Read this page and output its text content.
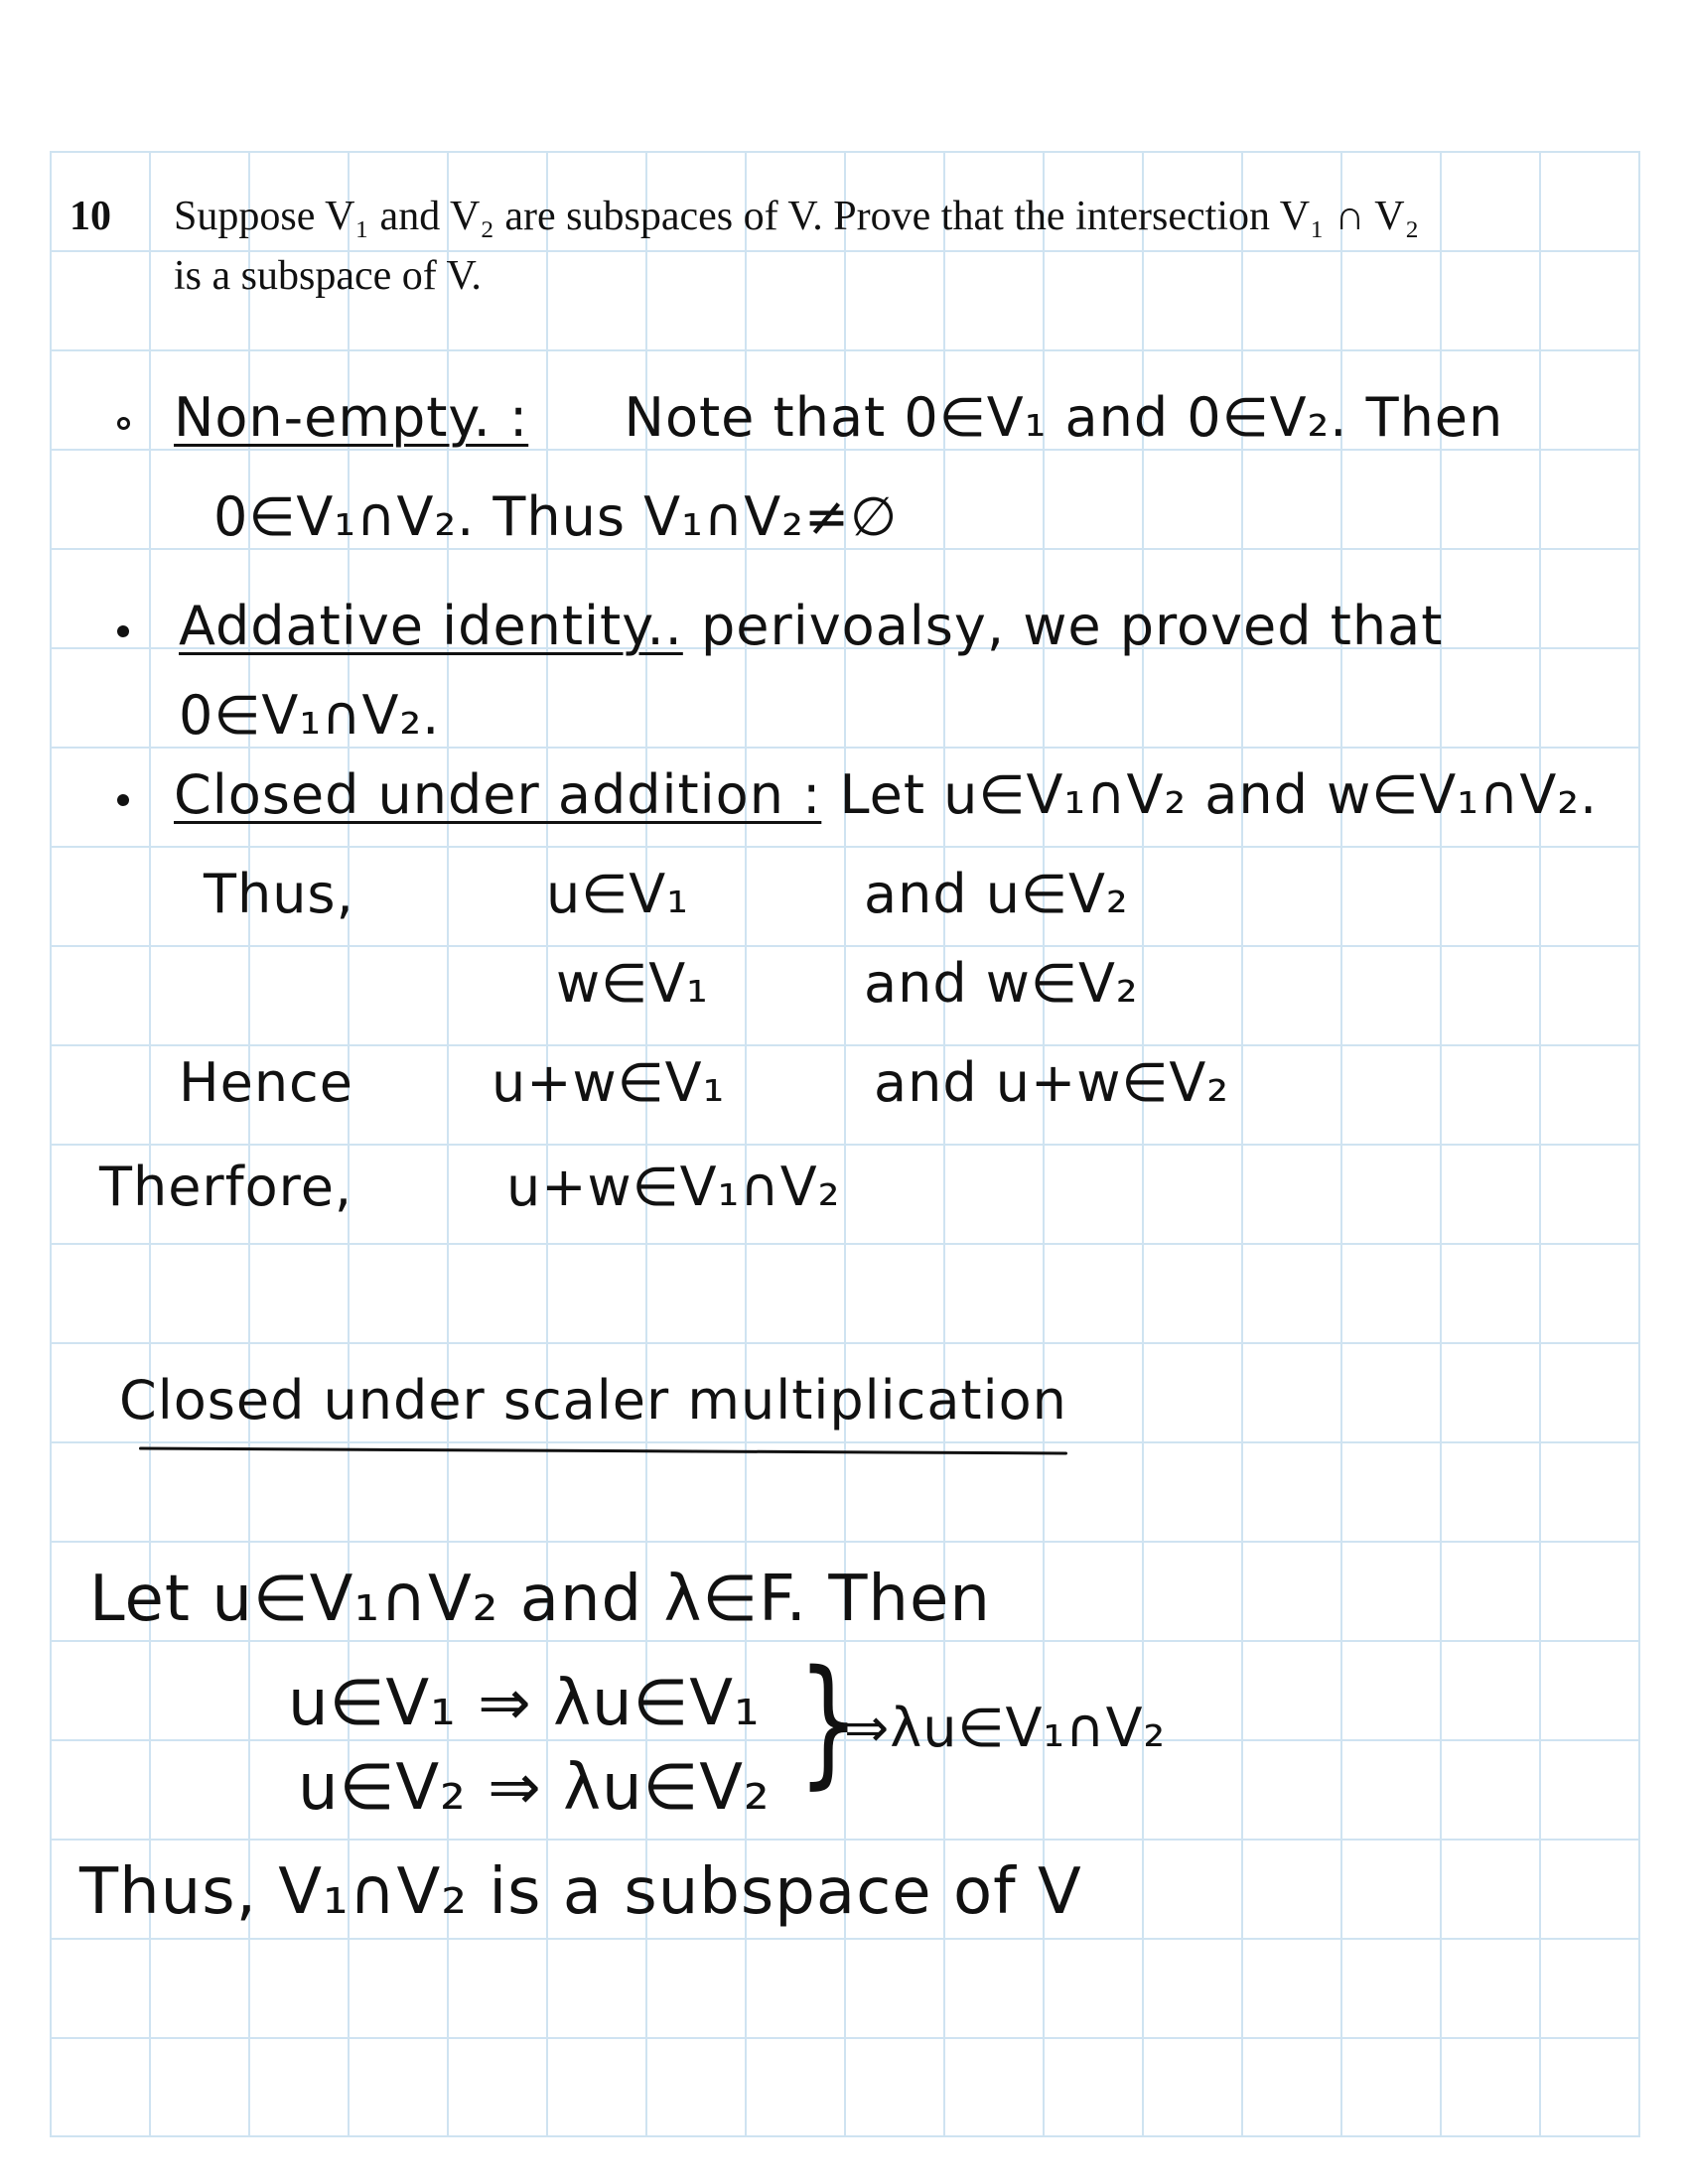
10 Suppose V₁ and V₂ are subspaces of V. Prove that the intersection V₁ ∩ V₂
is a subspace of V.
Non-empty. : Note that 0∈V₁ and 0∈V₂. Then
0∈V₁∩V₂. Thus V₁∩V₂≠∅
Addative identity.. perivoalsy, we proved that
0∈V₁∩V₂.
Closed under addition : Let u∈V₁∩V₂ and w∈V₁∩V₂.
Thus,	u∈V₁	and u∈V₂
w∈V₁	and w∈V₂
Hence	u+w∈V₁	and u+w∈V₂
Therfore,	u+w∈V₁∩V₂
Closed under scaler multiplication
Let u∈V₁∩V₂ and λ∈F. Then
u∈V₁ ⇒ λu∈V₁
u∈V₂ ⇒ λu∈V₂ }
⇒λu∈V₁∩V₂
Thus, V₁∩V₂ is a subspace of V
